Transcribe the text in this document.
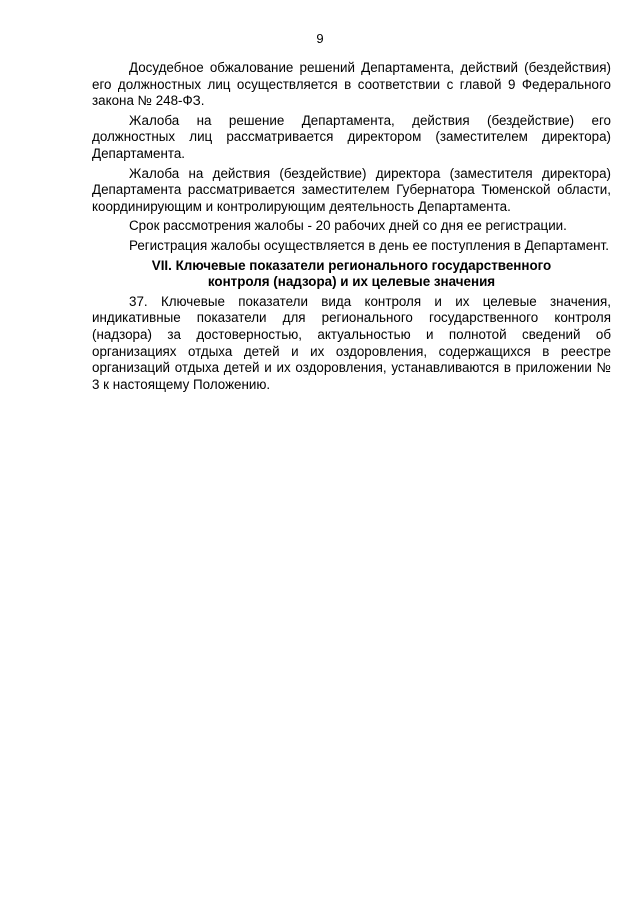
9

Досудебное обжалование решений Департамента, действий (бездействия) его должностных лиц осуществляется в соответствии с главой 9 Федерального закона № 248-ФЗ.

Жалоба на решение Департамента, действия (бездействие) его должностных лиц рассматривается директором (заместителем директора) Департамента.

Жалоба на действия (бездействие) директора (заместителя директора) Департамента рассматривается заместителем Губернатора Тюменской области, координирующим и контролирующим деятельность Департамента.

Срок рассмотрения жалобы - 20 рабочих дней со дня ее регистрации.

Регистрация жалобы осуществляется в день ее поступления в Департамент.

VII. Ключевые показатели регионального государственного
контроля (надзора) и их целевые значения

37. Ключевые показатели вида контроля и их целевые значения, индикативные показатели для регионального государственного контроля (надзора) за достоверностью, актуальностью и полнотой сведений об организациях отдыха детей и их оздоровления, содержащихся в реестре организаций отдыха детей и их оздоровления, устанавливаются в приложении № 3 к настоящему Положению.
